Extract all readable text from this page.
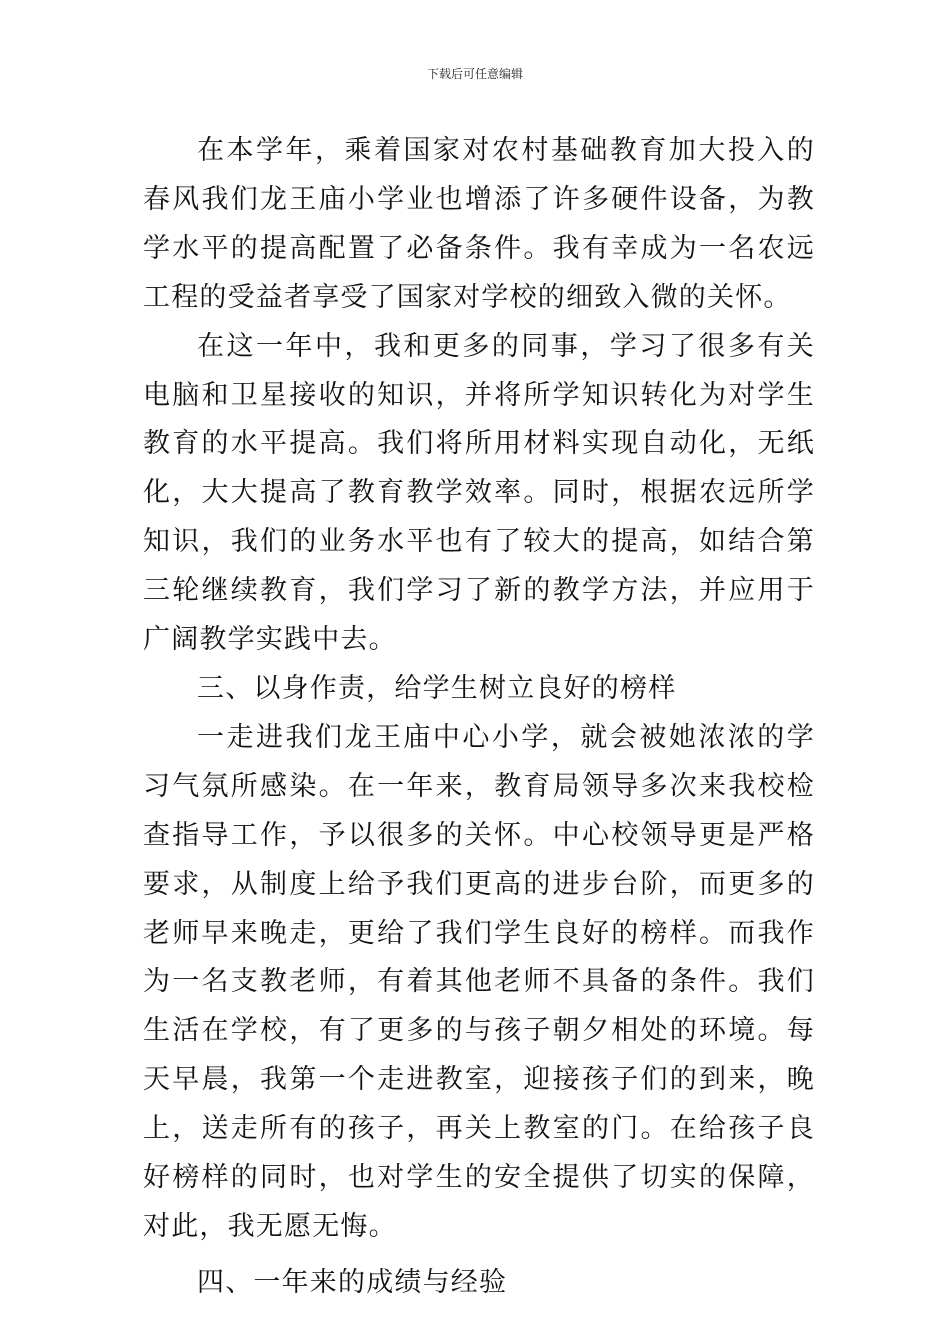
下载后可任意编辑

在本学年，乘着国家对农村基础教育加大投入的春风我们龙王庙小学业也增添了许多硬件设备，为教学水平的提高配置了必备条件。我有幸成为一名农远工程的受益者享受了国家对学校的细致入微的关怀。

在这一年中，我和更多的同事，学习了很多有关电脑和卫星接收的知识，并将所学知识转化为对学生教育的水平提高。我们将所用材料实现自动化，无纸化，大大提高了教育教学效率。同时，根据农远所学知识，我们的业务水平也有了较大的提高，如结合第三轮继续教育，我们学习了新的教学方法，并应用于广阔教学实践中去。

三、以身作责，给学生树立良好的榜样

一走进我们龙王庙中心小学，就会被她浓浓的学习气氛所感染。在一年来，教育局领导多次来我校检查指导工作，予以很多的关怀。中心校领导更是严格要求，从制度上给予我们更高的进步台阶，而更多的老师早来晚走，更给了我们学生良好的榜样。而我作为一名支教老师，有着其他老师不具备的条件。我们生活在学校，有了更多的与孩子朝夕相处的环境。每天早晨，我第一个走进教室，迎接孩子们的到来，晚上，送走所有的孩子，再关上教室的门。在给孩子良好榜样的同时，也对学生的安全提供了切实的保障，对此，我无愿无悔。

四、一年来的成绩与经验
